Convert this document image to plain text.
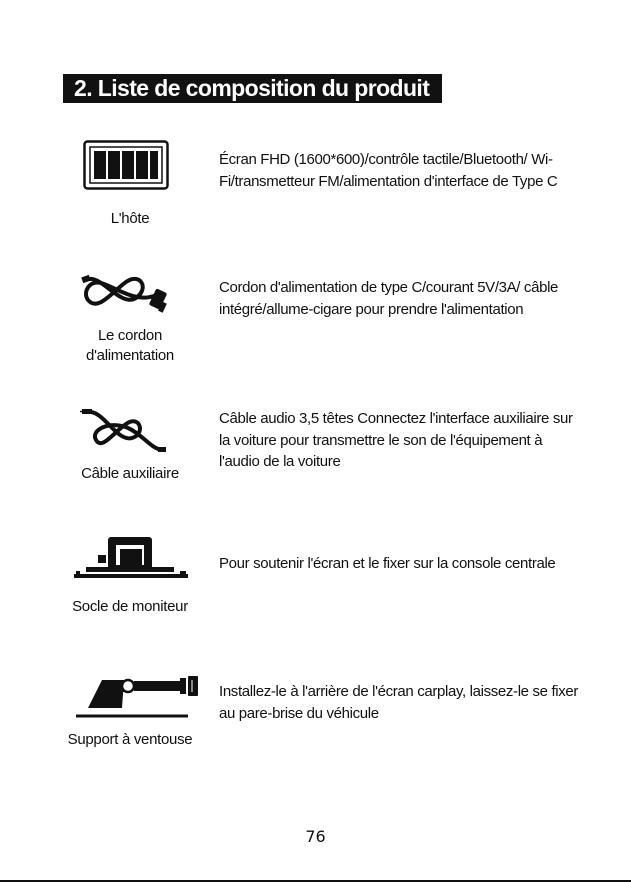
2. Liste de composition du produit
L'hôte
Écran FHD (1600*600)/contrôle tactile/Bluetooth/ Wi-Fi/transmetteur FM/alimentation d'interface de Type C
Le cordon d'alimentation
Cordon d'alimentation de type C/courant 5V/3A/ câble intégré/allume-cigare pour prendre l'alimentation
Câble auxiliaire
Câble audio 3,5 têtes Connectez l'interface auxiliaire sur la voiture pour transmettre le son de l'équipement à l'audio de la voiture
Socle de moniteur
Pour soutenir l'écran et le fixer sur la console centrale
Support à ventouse
Installez-le à l'arrière de l'écran carplay, laissez-le se fixer au pare-brise du véhicule
76
